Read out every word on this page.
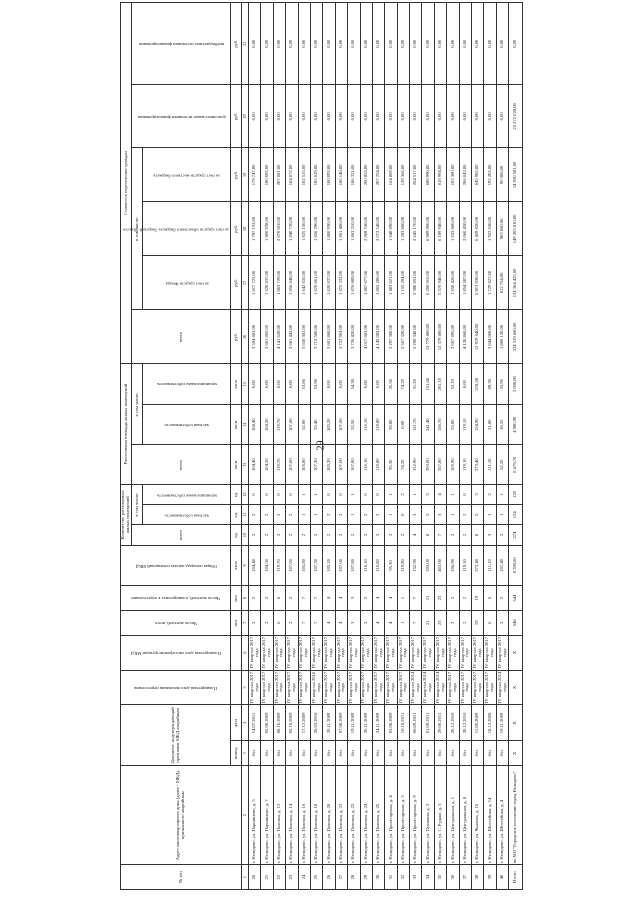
29
№ п/п	Адрес многоквартирного дома (далее - МКД), признанного аварийным	Документ, подтверждающий признание МКД аварийным		Планируемая дата окончания переселения	Планируемая дата сноса/реконструкции МКД	Число жителей, всего	Число жителей, планируемых к переселению	Общая площадь жилых помещений МКД	Количество расселяемых жилых помещений			Расселяемая площадь жилых помещений			Стоимость переселения граждан					
									всего	в том числе:		всего	в том числе:		всего	в том числе:			дополнительные источники финансирования	внебюджетные источники финансирования
										частная собственность	муниципальная собственность		частная собственность	муниципальная собственность		за счет средств Фонда	за счет средств областного бюджета Тверской области	за счет средств местного бюджета		
		номер	дата			чел.	чел.	кв.м	ед.	ед.	ед.	кв.м	кв.м	кв.м	руб.	руб.	руб.	руб.	руб.	руб.
1	2	3	4	5	6	7	8	9	10	11	12	13	14	15	16	17	18	19	20	21
20	г. Нелидово, ул. Паршиново, д. 5	б/н	14.07.2011	IV квартал 2017 года	IV квартал 2017 года	2	2	104,40	2	2	0	104,40	104,40	0,00	3 594 603,00	1 617 723,00	1 797 133,00	179 747,00	0,00	0,00
21	г. Нелидово, ул. Паршиново, д. 7	б/н	05.08.2009	IV квартал 2017 года	IV квартал 2017 года	2	2	104,50	2	2	0	104,50	104,50	0,00	3 601 865,05	1 620 837,00	1 800 938,00	180 093,00	0,00	0,00
22	г. Нелидово, ул. Полевая, д. 12	б/н	08.10.2009	IV квартал 2017 года	IV квартал 2017 года	6	6	119,70	2	2	0	119,70	119,70	0,00	4 141 620,00	1 863 729,00	2 070 810,00	207 081,00	0,00	0,00
23	г. Нелидово, ул. Полевая, д. 14	б/н	05.10.2009	IV квартал 2017 года	IV квартал 2017 года	2	2	107,60	2	2	0	107,60	107,60	0,00	3 681 443,00	1 656 648,00	1 840 720,00	184 072,00	0,00	0,00
24	г. Нелидово, ул. Полевая, д. 16	б/н	17.12.2009	IV квартал 2017 года	IV квартал 2017 года	7	7	105,80	2	1	1	105,80	52,00	53,80	3 650 302,00	1 642 635,00	1 825 150,00	182 515,00	0,00	0,00
25	г. Нелидово, ул. Полевая, д. 18	б/н	26.03.2010	IV квартал 2016 года	IV квартал 2017 года	7	7	107,30	2	1	1	107,30	53,40	53,90	3 712 580,00	1 670 661,00	1 856 290,00	185 629,00	0,00	0,00
26	г. Нелидово, ул. Полевая, д. 20	б/н	20.11.2009	IV квартал 2017 года	IV квартал 2017 года	4	4	105,20	2	2	0	105,20	105,20	0,00	3 601 860,00	1 620 837,00	1 800 930,00	180 093,00	0,00	0,00
27	г. Нелидово, ул. Полевая, д. 22	б/н	07.08.2009	IV квартал 2017 года	IV квартал 2017 года	4	4	107,60	2	2	0	107,60	107,60	0,00	3 722 963,00	1 675 332,00	1 861 480,00	186 148,00	0,00	0,00
28	г. Нелидово, ул. Полевая, д. 23	б/н	19.11.2009	IV квартал 2017 года	IV квартал 2017 года	3	3	107,80	2	1	1	107,80	53,50	54,30	3 726 420,00	1 676 889,00	1 863 210,00	186 321,00	0,00	0,00
29	г. Нелидово, ул. Полевая, д. 24	б/н	20.11.2009	IV квартал 2017 года	IV квартал 2017 года	2	2	116,10	2	2	0	116,10	116,10	0,00	4 017 063,00	1 807 677,00	2 008 530,00	200 853,00	0,00	0,00
30	г. Нелидово, ул. Полевая, д. 25	б/н	24.11.2009	IV квартал 2017 года	IV квартал 2017 года	4	4	110,80	2	2	0	119,80	119,80	0,00	4 145 082,00	1 865 286,00	2 072 540,00	207 254,00	0,00	0,00
31	г. Нелидово, ул. Пролетарская, д. 4	б/н	03.08.2009	IV квартал 2017 года	IV квартал 2017 года	4	4	95,30	2	1	1	95,30	59,80	35,50	3 297 380,00	1 483 821,00	1 648 690,00	164 869,00	0,00	0,00
32	г. Нелидово, ул. Пролетарская, д. 5	б/н	10.10.2011	IV квартал 2017 года	IV квартал 2017 года	1	1	119,90	2	0	2	74,20	0,00	74,20	2 567 320,00	1 155 294,00	1 283 660,00	128 366,00	0,00	0,00
33	г. Нелидово, ул. Пролетарская, д. 9	б/н	06.09.2011	IV квартал 2014 года	IV квартал 2017 года	7	7	152,90	4	3	1	152,90	121,70	31,20	5 290 340,00	2 380 653,00	2 645 170,00	264 517,00	0,00	0,00
34	г. Нелидово, ул. Пушкина, д. 3	б/н	01.09.2011	IV квартал 2014 года	IV квартал 2017 года	21	21	393,00	8	5	3	393,00	241,40	151,60	13 779 800,00	6 200 910,00	6 889 900,00	688 990,00	0,00	0,00
35	г. Нелидово, ул. С. Рудько, д. 3	б/н	29.06.2011	IV квартал 2014 года	IV квартал 2017 года	23	23	402,60	7	3	4	357,80	156,70	201,10	12 379 880,00	5 570 946,00	6 189 940,00	618 994,00	0,00	0,00
36	г. Нелидово, ул. Центральная, д. 1	б/н	20.12.2010	IV квартал 2017 года	IV квартал 2017 года	2	2	106,90	2	1	1	105,90	53,80	52,10	3 667 695,00	1 650 420,00	1 833 800,00	183 380,00	0,00	0,00
37	г. Нелидово, ул. Центральная, д. 8	б/н	20.12.2010	IV квартал 2017 года	IV квартал 2017 года	2	2	119,10	2	2	0	119,10	119,10	0,00	4 120 860,00	1 854 387,00	2 060 430,00	206 043,00	0,00	0,00
38	г. Нелидово, ул. Чкалова, д. 16	б/н	11.08.2009	IV квартал 2017 года	IV квартал 2017 года	19	19	373,40	8	5	3	373,40	154,90	218,50	12 919 640,00	5 813 838,00	6 459 820,00	645 982,00	0,00	0,00
39	г. Нелидово, ул. Шоссейная, д. 14	б/н	18.12.2008	IV квартал 2017 года	IV квартал 2017 года	6	6	111,10	3	1	2	111,10	21,80	89,30	3 844 060,00	1 729 827,00	1 922 030,00	192 203,00	0,00	0,00
40	г. Нелидово, ул. Шоссейная, д. 4	б/н	19.11.2009	IV квартал 2014 года	IV квартал 2017 года	2	2	107,40	2	1	1	52,20	18,25	33,95	1 806 120,00	812 754,00	903 060,00	90 306,00	0,00	0,00
Итого	по МО "Городское поселение город Нелидово"	X	X	X	X	548	544	8 789,60	274	154	120	8 679,70	4 980,90	3 698,80	324 319 660,00	134 364 425,00	149 205 810,00	14 920 581,00	25 272 020,00	0,00
